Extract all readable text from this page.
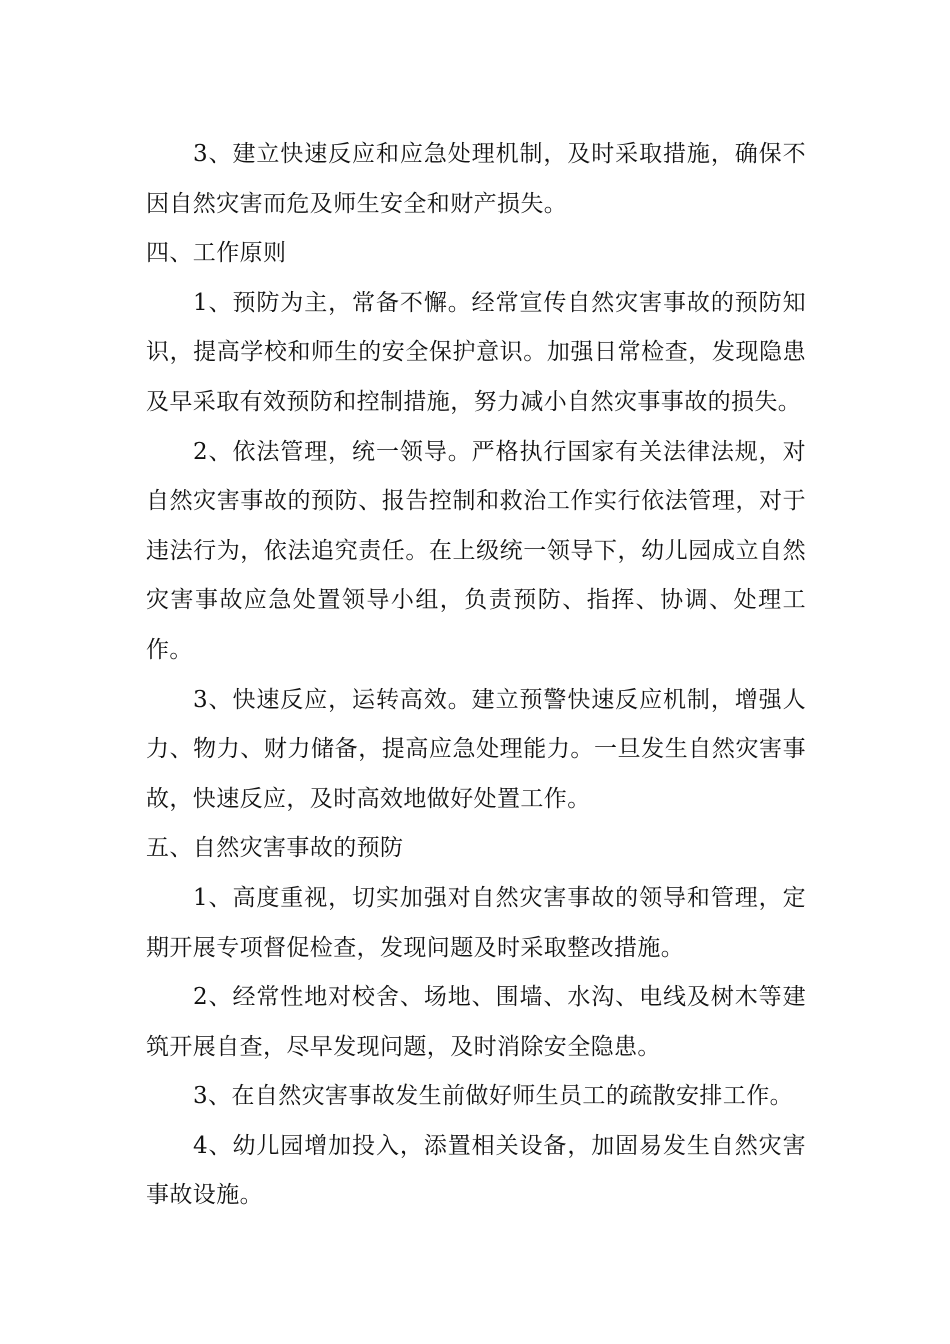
3、建立快速反应和应急处理机制，及时采取措施，确保不因自然灾害而危及师生安全和财产损失。

四、工作原则

1、预防为主，常备不懈。经常宣传自然灾害事故的预防知识，提高学校和师生的安全保护意识。加强日常检查，发现隐患及早采取有效预防和控制措施，努力减小自然灾事事故的损失。

2、依法管理，统一领导。严格执行国家有关法律法规，对自然灾害事故的预防、报告控制和救治工作实行依法管理，对于违法行为，依法追究责任。在上级统一领导下，幼儿园成立自然灾害事故应急处置领导小组，负责预防、指挥、协调、处理工作。

3、快速反应，运转高效。建立预警快速反应机制，增强人力、物力、财力储备，提高应急处理能力。一旦发生自然灾害事故，快速反应，及时高效地做好处置工作。

五、自然灾害事故的预防

1、高度重视，切实加强对自然灾害事故的领导和管理，定期开展专项督促检查，发现问题及时采取整改措施。

2、经常性地对校舍、场地、围墙、水沟、电线及树木等建筑开展自查，尽早发现问题，及时消除安全隐患。

3、在自然灾害事故发生前做好师生员工的疏散安排工作。

4、幼儿园增加投入，添置相关设备，加固易发生自然灾害事故设施。
